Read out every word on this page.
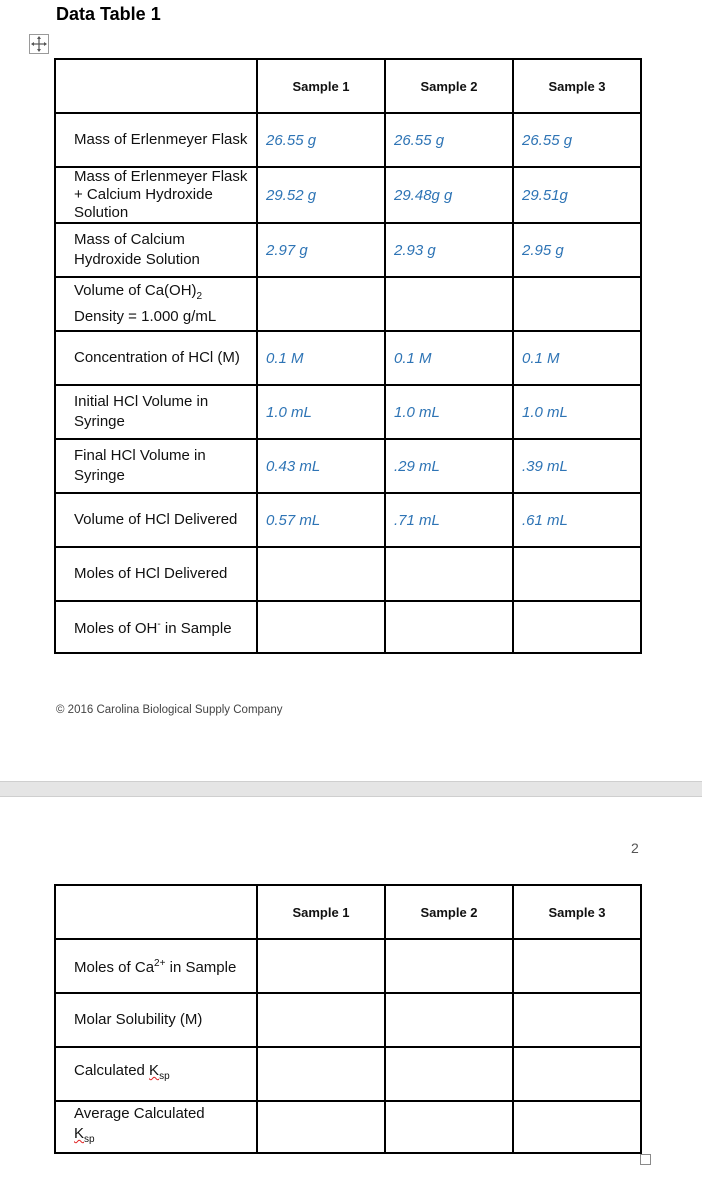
Data Table 1
	Sample 1	Sample 2	Sample 3
Mass of Erlenmeyer Flask	26.55 g	26.55 g	26.55 g
Mass of Erlenmeyer Flask + Calcium Hydroxide Solution	29.52 g	29.48g g	29.51g
Mass of Calcium Hydroxide Solution	2.97 g	2.93 g	2.95 g
Volume of $Ca(OH)_2$
Density = 1.000 g/mL			
Concentration of HCl (M)	0.1 M	0.1 M	0.1 M
Initial HCl Volume in Syringe	1.0 mL	1.0 mL	1.0 mL
Final HCl Volume in Syringe	0.43 mL	.29 mL	.39 mL
Volume of HCl Delivered	0.57 mL	.71 mL	.61 mL
Moles of HCl Delivered			
Moles of OH- in Sample			
© 2016 Carolina Biological Supply Company
2
	Sample 1	Sample 2	Sample 3
Moles of $Ca^{2+}$ in Sample			
Molar Solubility (M)			
Calculated $K_{sp}$			
Average Calculated
$K_{sp}$			
